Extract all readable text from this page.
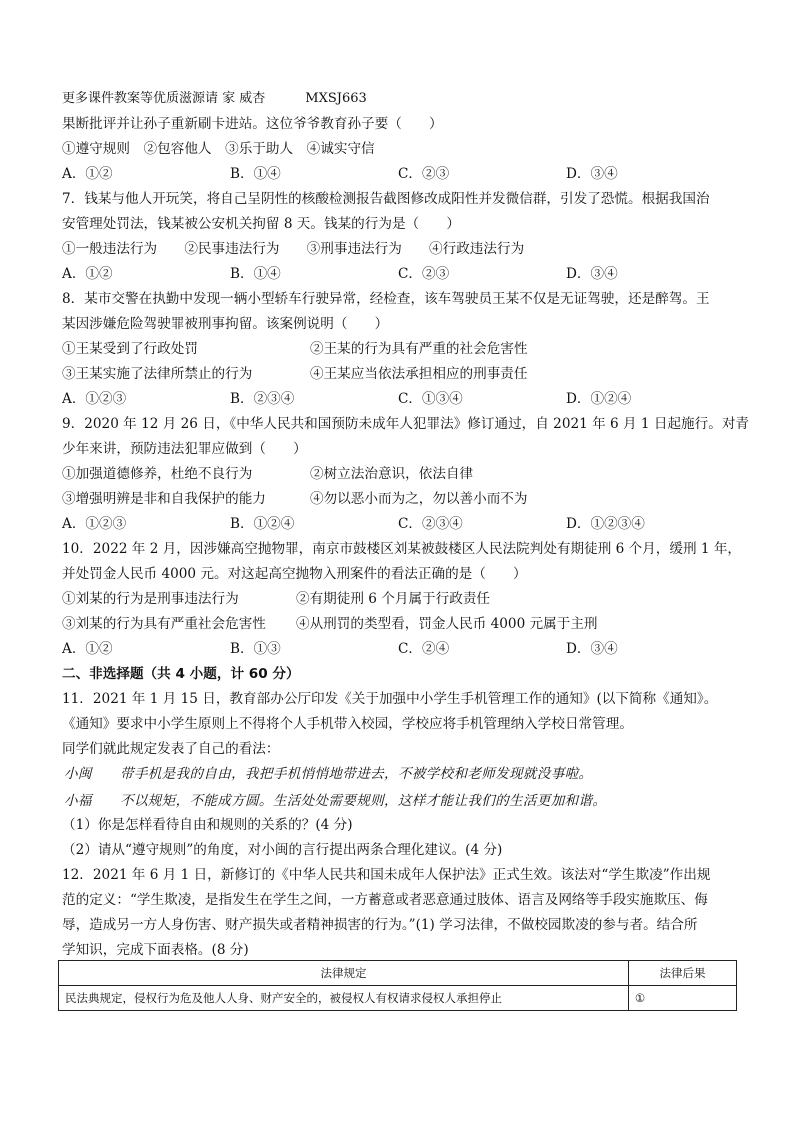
更多课件教案等优质滋源请 家 威杏	MXSJ663
果断批评并让孙子重新刷卡进站。这位爷爷教育孙子要（　　）
①遵守规则　②包容他人　③乐于助人　④诚实守信
A．①②	B．①④	C．②③	D．③④
7．钱某与他人开玩笑，将自己呈阴性的核酸检测报告截图修改成阳性并发微信群，引发了恐慌。根据我国治
安管理处罚法，钱某被公安机关拘留 8 天。钱某的行为是（　　）
①一般违法行为　　②民事违法行为　　③刑事违法行为　　④行政违法行为
A．①②	B．①④	C．②③	D．③④
8．某市交警在执勤中发现一辆小型轿车行驶异常，经检查，该车驾驶员王某不仅是无证驾驶，还是醉驾。王
某因涉嫌危险驾驶罪被刑事拘留。该案例说明（　　）
①王某受到了行政处罚	②王某的行为具有严重的社会危害性
③王某实施了法律所禁止的行为	④王某应当依法承担相应的刑事责任
A．①②③	B．②③④	C．①③④	D．①②④
9．2020 年 12 月 26 日，《中华人民共和国预防未成年人犯罪法》修订通过，自 2021 年 6 月 1 日起施行。对青
少年来讲，预防违法犯罪应做到（　　）
①加强道德修养，杜绝不良行为	②树立法治意识，依法自律
③增强明辨是非和自我保护的能力	④勿以恶小而为之，勿以善小而不为
A．①②③	B．①②④	C．②③④	D．①②③④
10．2022 年 2 月，因涉嫌高空抛物罪，南京市鼓楼区刘某被鼓楼区人民法院判处有期徒刑 6 个月，缓刑 1 年，
并处罚金人民币 4000 元。对这起高空抛物入刑案件的看法正确的是（　　）
①刘某的行为是刑事违法行为	②有期徒刑 6 个月属于行政责任
③刘某的行为具有严重社会危害性 ④从刑罚的类型看，罚金人民币 4000 元属于主刑
A．①②	B．①③	C．②④	D．③④
二、非选择题（共 4 小题，计 60 分）
11．2021 年 1 月 15 日，教育部办公厅印发《关于加强中小学生手机管理工作的通知》(以下简称《通知》。
《通知》要求中小学生原则上不得将个人手机带入校园，学校应将手机管理纳入学校日常管理。
同学们就此规定发表了自己的看法：
小闽 带手机是我的自由，我把手机悄悄地带进去，不被学校和老师发现就没事啦。
小福 不以规矩，不能成方圆。生活处处需要规则，这样才能让我们的生活更加和谐。
（1）你是怎样看待自由和规则的关系的？(4 分)
（2）请从“遵守规则”的角度，对小闽的言行提出两条合理化建议。(4 分)
12．2021 年 6 月 1 日，新修订的《中华人民共和国未成年人保护法》正式生效。该法对“学生欺凌”作出规
范的定义：“学生欺凌，是指发生在学生之间，一方蓄意或者恶意通过肢体、语言及网络等手段实施欺压、侮
辱，造成另一方人身伤害、财产损失或者精神损害的行为。”(1) 学习法律，不做校园欺凌的参与者。结合所
学知识，完成下面表格。(8 分)
法律规定	法律后果
民法典规定，侵权行为危及他人人身、财产安全的，被侵权人有权请求侵权人承担停止	①
